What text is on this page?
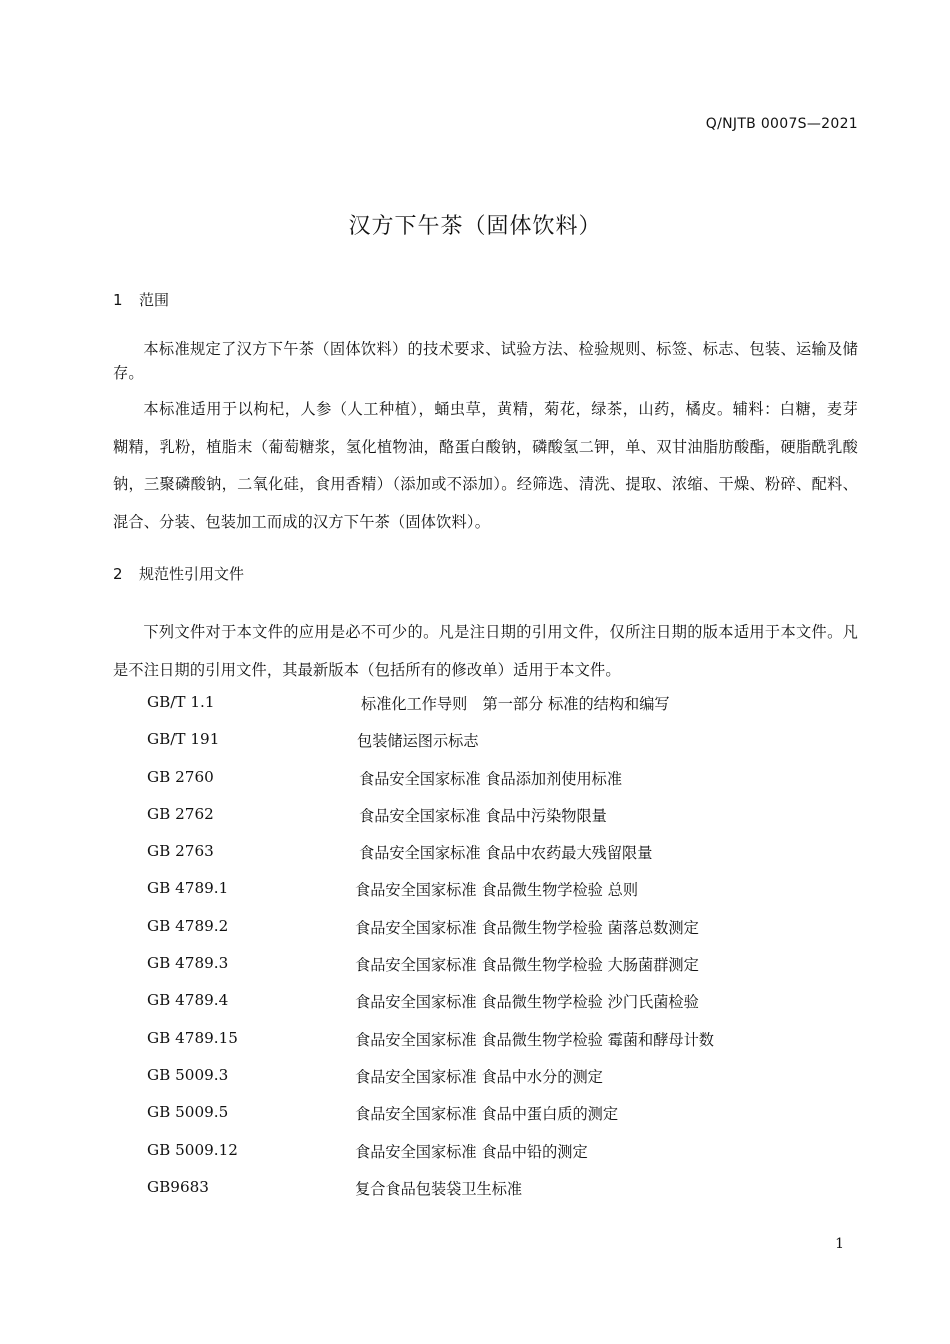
Q/NJTB 0007S—2021
汉方下午茶（固体饮料）
1 范围
本标准规定了汉方下午茶（固体饮料）的技术要求、试验方法、检验规则、标签、标志、包装、运输及储存。
本标准适用于以枸杞，人参（人工种植），蛹虫草，黄精，菊花，绿茶，山药，橘皮。辅料：白糖，麦芽糊精，乳粉，植脂末（葡萄糖浆，氢化植物油，酪蛋白酸钠，磷酸氢二钾，单、双甘油脂肪酸酯，硬脂酰乳酸钠，三聚磷酸钠，二氧化硅，食用香精）（添加或不添加）。经筛选、清洗、提取、浓缩、干燥、粉碎、配料、混合、分装、包装加工而成的汉方下午茶（固体饮料）。
2 规范性引用文件
下列文件对于本文件的应用是必不可少的。凡是注日期的引用文件，仅所注日期的版本适用于本文件。凡是不注日期的引用文件，其最新版本（包括所有的修改单）适用于本文件。
GB/T 1.1	标准化工作导则　第一部分 标准的结构和编写
GB/T 191	包装储运图示标志
GB 2760	食品安全国家标准 食品添加剂使用标准
GB 2762	食品安全国家标准 食品中污染物限量
GB 2763	食品安全国家标准 食品中农药最大残留限量
GB 4789.1	食品安全国家标准 食品微生物学检验 总则
GB 4789.2	食品安全国家标准 食品微生物学检验 菌落总数测定
GB 4789.3	食品安全国家标准 食品微生物学检验 大肠菌群测定
GB 4789.4	食品安全国家标准 食品微生物学检验 沙门氏菌检验
GB 4789.15	食品安全国家标准 食品微生物学检验 霉菌和酵母计数
GB 5009.3	食品安全国家标准 食品中水分的测定
GB 5009.5	食品安全国家标准 食品中蛋白质的测定
GB 5009.12	食品安全国家标准 食品中铅的测定
GB9683	复合食品包装袋卫生标准
1
